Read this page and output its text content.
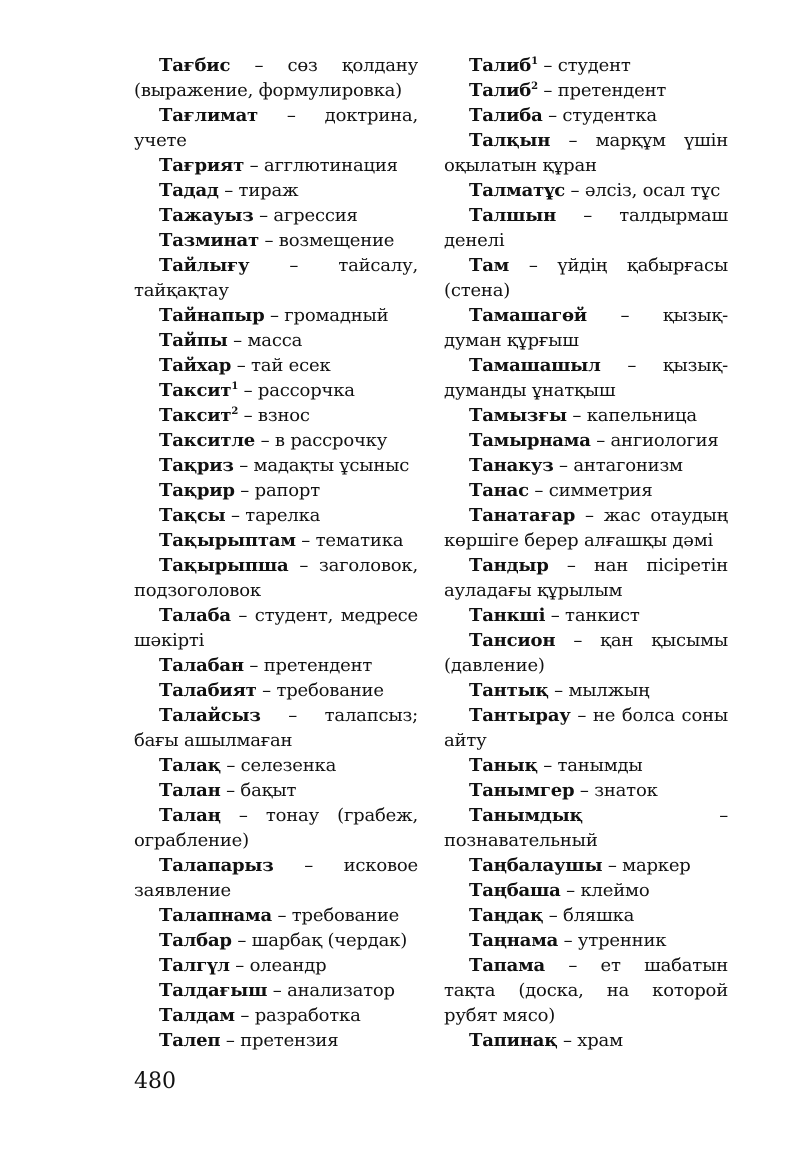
Тағбис – сөз қолдану (выражение, формулировка)

Тағлимат – доктрина, учете

Тағрият – агглютинация

Тадад – тираж

Тажауыз – агрессия

Тазминат – возмещение

Тайлығу – тайсалу, тайқақтау

Тайнапыр – громадный

Тайпы – масса

Тайхар – тай есек

Таксит$^1$ – рассорчка

Таксит$^2$ – взнос

Такситле – в рассрочку

Тақриз – мадақты ұсыныс

Тақрир – рапорт

Тақсы – тарелка

Тақырыптам – тематика

Тақырыпша – заголовок, подзоголовок

Талаба – студент, медресе шәкірті

Талабан – претендент

Талабият – требование

Талайсыз – талапсыз; бағы ашылмаған

Талақ – селезенка

Талан – бақыт

Талаң – тонау (грабеж, ограбление)

Талапарыз – исковое заявление

Талапнама – требование

Талбар – шарбақ (чердак)

Талгүл – олеандр

Талдағыш – анализатор

Талдам – разработка

Талеп – претензия

Талиб$^1$ – студент

Талиб$^2$ – претендент

Талиба – студентка

Талқын – марқұм үшін оқылатын құран

Талматұс – әлсіз, осал тұс

Талшын – талдырмаш денелі

Там – үйдің қабырғасы (стена)

Тамашагөй – қызық-думан құрғыш

Тамашашыл – қызық-думанды ұнатқыш

Тамызғы – капельница

Тамырнама – ангиология

Танакуз – антагонизм

Танас – симметрия

Танатағар – жас отаудың көршіге берер алғашқы дәмі

Тандыр – нан пісіретін ауладағы құрылым

Танкші – танкист

Тансион – қан қысымы (давление)

Тантық – мылжың

Тантырау – не болса соны айту

Танық – танымды

Танымгер – знаток

Танымдық – познавательный

Таңбалаушы – маркер

Таңбаша – клеймо

Таңдақ – бляшка

Таңнама – утренник

Тапама – ет шабатын тақта (доска, на которой рубят мясо)

Тапинақ – храм

480
